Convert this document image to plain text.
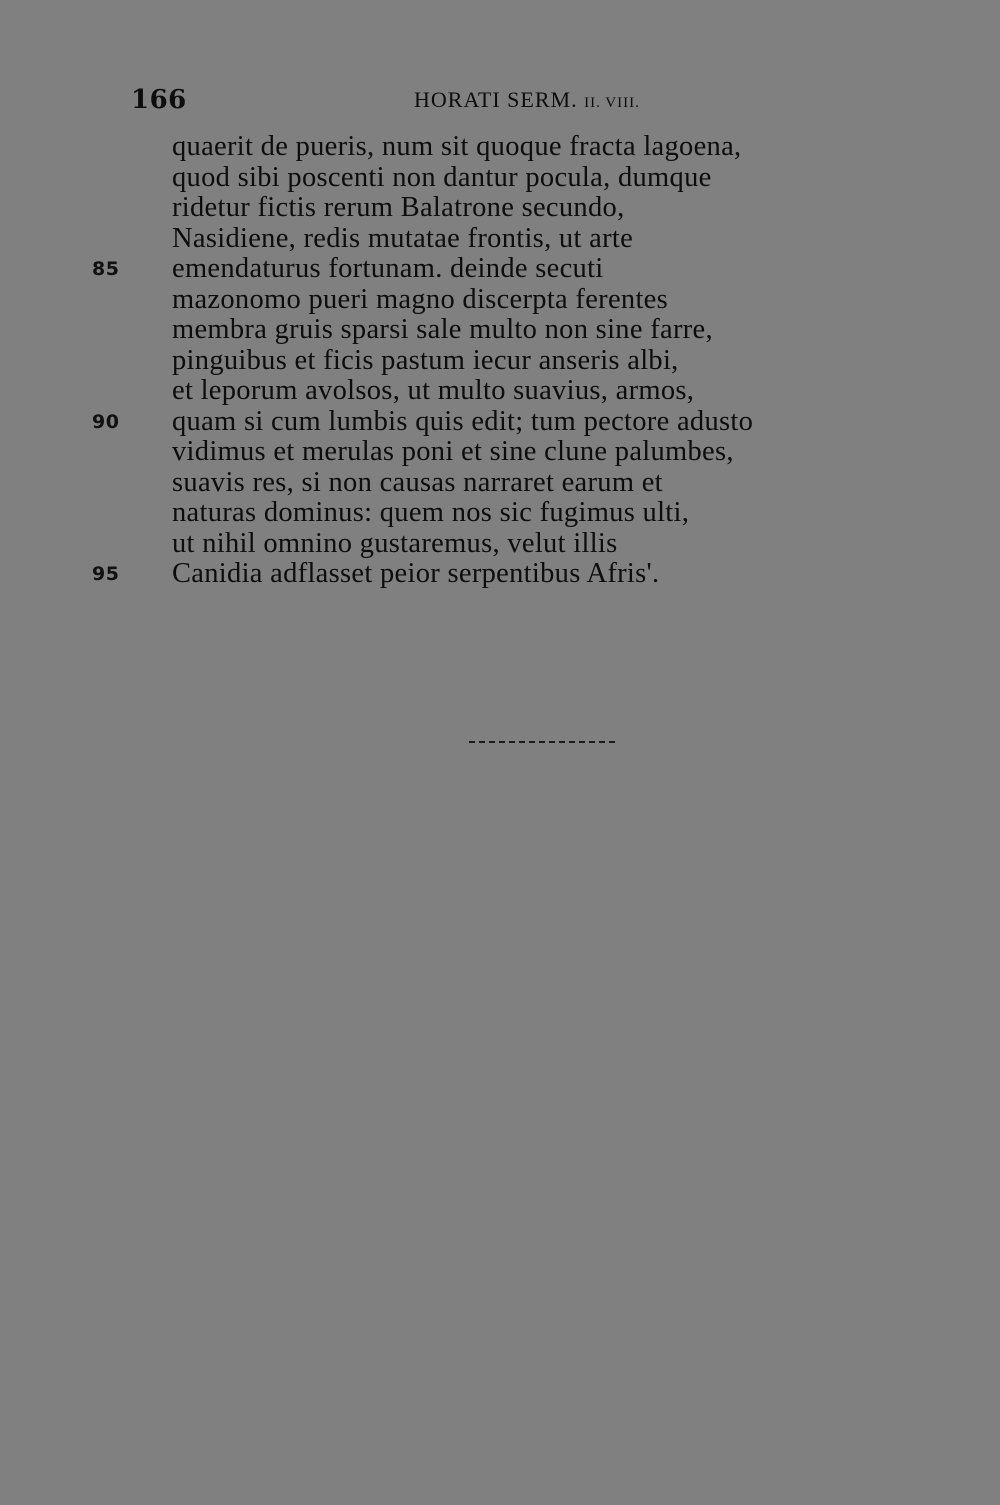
166	HORATI SERM. II. VIII.
quaerit de pueris, num sit quoque fracta lagoena,
quod sibi poscenti non dantur pocula, dumque
ridetur fictis rerum Balatrone secundo,
Nasidiene, redis mutatae frontis, ut arte
85	emendaturus fortunam. deinde secuti
mazonomo pueri magno discerpta ferentes
membra gruis sparsi sale multo non sine farre,
pinguibus et ficis pastum iecur anseris albi,
et leporum avolsos, ut multo suavius, armos,
90	quam si cum lumbis quis edit; tum pectore adusto
vidimus et merulas poni et sine clune palumbes,
suavis res, si non causas narraret earum et
naturas dominus: quem nos sic fugimus ulti,
ut nihil omnino gustaremus, velut illis
95	Canidia adflasset peior serpentibus Afris'.
